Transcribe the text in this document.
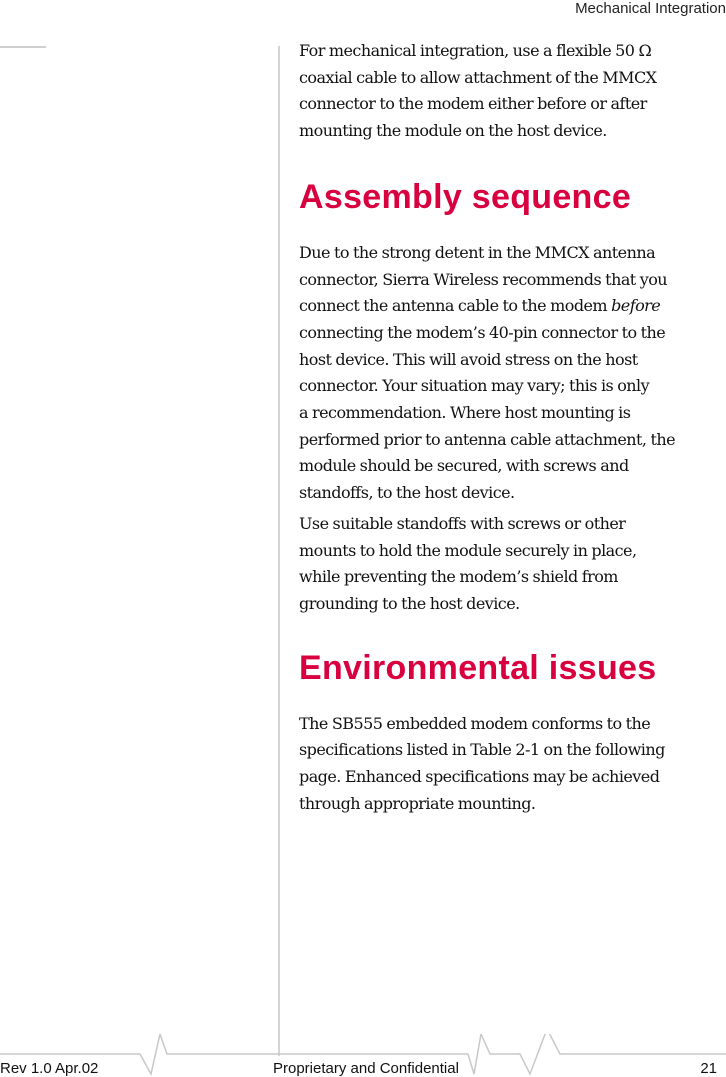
Mechanical Integration

For mechanical integration, use a flexible 50 Ω
coaxial cable to allow attachment of the MMCX
connector to the modem either before or after
mounting the module on the host device.

Assembly sequence

Due to the strong detent in the MMCX antenna
connector, Sierra Wireless recommends that you
connect the antenna cable to the modem before
connecting the modem’s 40-pin connector to the
host device. This will avoid stress on the host
connector. Your situation may vary; this is only
a recommendation. Where host mounting is
performed prior to antenna cable attachment, the
module should be secured, with screws and
standoffs, to the host device.

Use suitable standoffs with screws or other
mounts to hold the module securely in place,
while preventing the modem’s shield from
grounding to the host device.

Environmental issues

The SB555 embedded modem conforms to the
specifications listed in Table 2-1 on the following
page. Enhanced specifications may be achieved
through appropriate mounting.

Rev 1.0 Apr.02	Proprietary and Confidential	21
